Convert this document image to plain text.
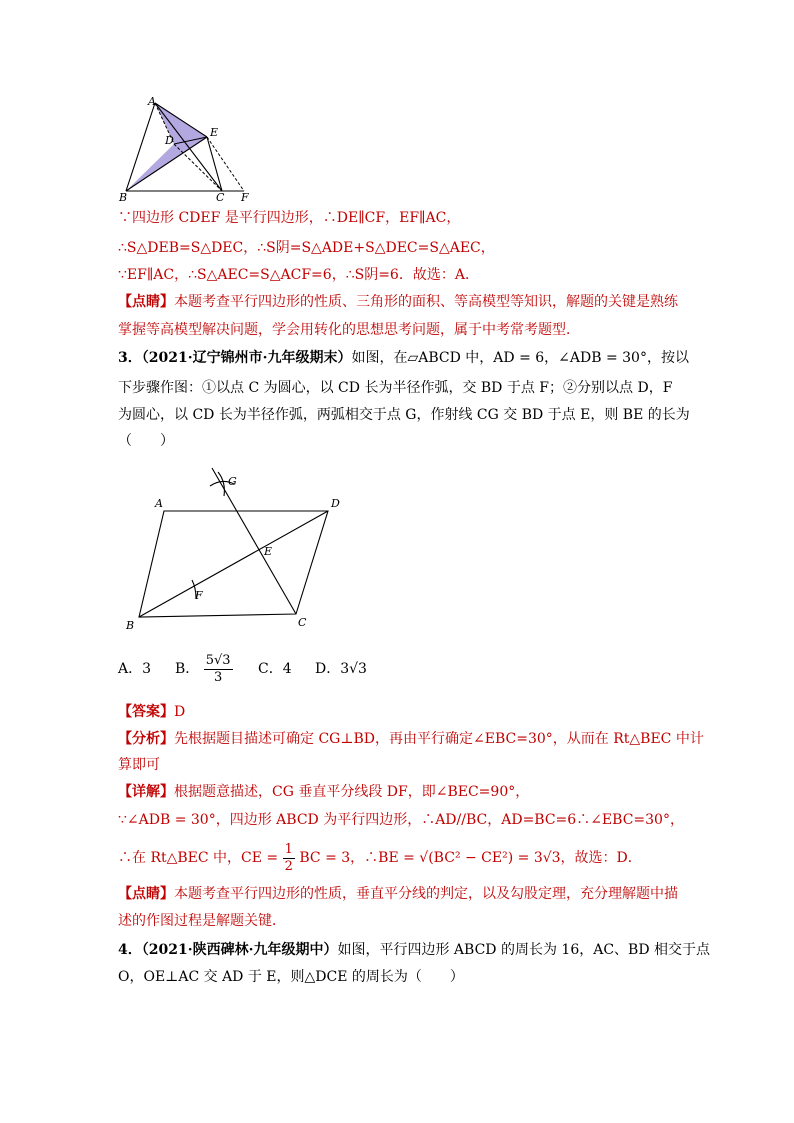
A
E
D
B	C F
∵四边形 CDEF 是平行四边形，∴DE∥CF，EF∥AC，
∴S△DEB=S△DEC，∴S阴=S△ADE+S△DEC=S△AEC，
∵EF∥AC，∴S△AEC=S△ACF=6，∴S阴=6．故选：A．
【点睛】本题考查平行四边形的性质、三角形的面积、等高模型等知识，解题的关键是熟练
掌握等高模型解决问题，学会用转化的思想思考问题，属于中考常考题型．
3．（2021·辽宁锦州市·九年级期末）如图，在▱ABCD 中，AD = 6，∠ADB = 30°，按以
下步骤作图：①以点 C 为圆心，以 CD 长为半径作弧，交 BD 于点 F；②分别以点 D，F
为圆心，以 CD 长为半径作弧，两弧相交于点 G，作射线 CG 交 BD 于点 E，则 BE 的长为
（　　）
G
A	D
E
F
B	C
A．3 B． $\frac{5√3}{3}$ C．4 D．3√3
【答案】D
【分析】先根据题目描述可确定 CG⊥BD，再由平行确定∠EBC=30°，从而在 Rt△BEC 中计
算即可
【详解】根据题意描述，CG 垂直平分线段 DF，即∠BEC=90°，
∵∠ADB = 30°，四边形 ABCD 为平行四边形，∴AD//BC，AD=BC=6∴∠EBC=30°，
∴在 Rt△BEC 中，CE = $\frac{1}{2}$ BC = 3，∴BE = √(BC² − CE²) = 3√3，故选：D．
【点睛】本题考查平行四边形的性质，垂直平分线的判定，以及勾股定理，充分理解题中描
述的作图过程是解题关键．
4．（2021·陕西碑林·九年级期中）如图，平行四边形 ABCD 的周长为 16，AC、BD 相交于点
O，OE⊥AC 交 AD 于 E，则△DCE 的周长为（　　）
